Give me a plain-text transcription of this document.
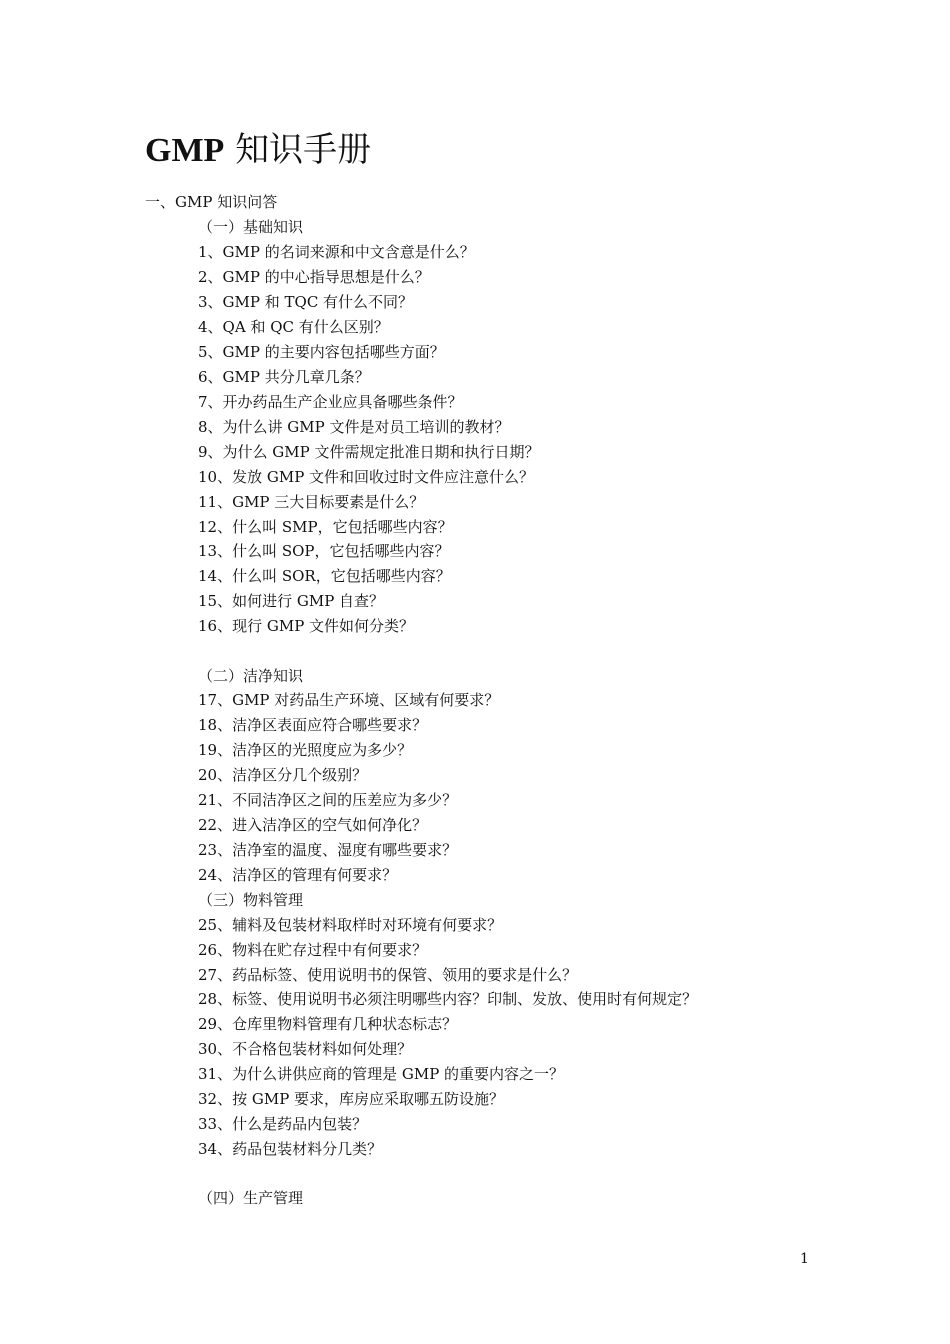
GMP 知识手册
一、GMP 知识问答
（一）基础知识
1、GMP 的名词来源和中文含意是什么？
2、GMP 的中心指导思想是什么？
3、GMP 和 TQC 有什么不同？
4、QA 和 QC 有什么区别？
5、GMP 的主要内容包括哪些方面？
6、GMP 共分几章几条？
7、开办药品生产企业应具备哪些条件？
8、为什么讲 GMP 文件是对员工培训的教材？
9、为什么 GMP 文件需规定批准日期和执行日期？
10、发放 GMP 文件和回收过时文件应注意什么？
11、GMP 三大目标要素是什么？
12、什么叫 SMP，它包括哪些内容？
13、什么叫 SOP，它包括哪些内容？
14、什么叫 SOR，它包括哪些内容？
15、如何进行 GMP 自查？
16、现行 GMP 文件如何分类？
（二）洁净知识
17、GMP 对药品生产环境、区域有何要求？
18、洁净区表面应符合哪些要求？
19、洁净区的光照度应为多少？
20、洁净区分几个级别？
21、不同洁净区之间的压差应为多少？
22、进入洁净区的空气如何净化？
23、洁净室的温度、湿度有哪些要求？
24、洁净区的管理有何要求？
（三）物料管理
25、辅料及包装材料取样时对环境有何要求？
26、物料在贮存过程中有何要求？
27、药品标签、使用说明书的保管、领用的要求是什么？
28、标签、使用说明书必须注明哪些内容？印制、发放、使用时有何规定？
29、仓库里物料管理有几种状态标志？
30、不合格包装材料如何处理？
31、为什么讲供应商的管理是 GMP 的重要内容之一？
32、按 GMP 要求，库房应采取哪五防设施？
33、什么是药品内包装？
34、药品包装材料分几类？
（四）生产管理
1
